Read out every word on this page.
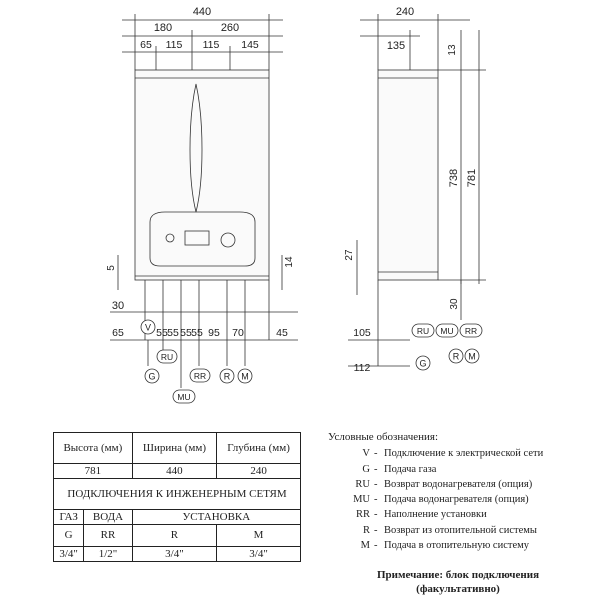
440
180	260
65 115 115 145
5
14
30
65	55 55 55 55 95 70	45
V
RU
G
MU
RR R M
240
135	13
738 781
30
27
105
112
RU MU RR
R M
G
Высота (мм)		Ширина (мм)	Глубина (мм)
781		440	240
ПОДКЛЮЧЕНИЯ К ИНЖЕНЕРНЫМ СЕТЯМ			
ГАЗ	ВОДА	УСТАНОВКА	
G	RR	R	M
3/4"	1/2"	3/4"	3/4"
Условные обозначения:
V - Подключение к электрической сети
G - Подача газа
RU - Возврат водонагревателя (опция)
MU - Подача водонагревателя (опция)
RR - Наполнение установки
R - Возврат из отопительной системы
M - Подача в отопительную систему
Примечание: блок подключения
(факультативно)
